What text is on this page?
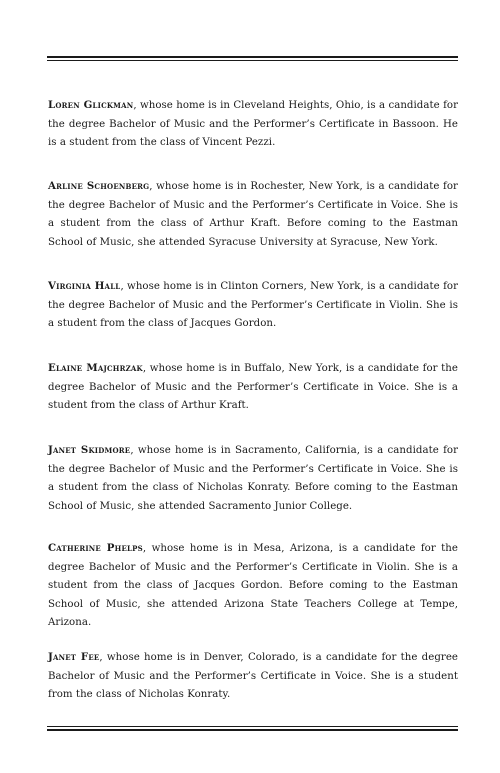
Loren Glickman, whose home is in Cleveland Heights, Ohio, is a candidate for the degree Bachelor of Music and the Performer’s Certificate in Bassoon. He is a student from the class of Vincent Pezzi.

Arline Schoenberg, whose home is in Rochester, New York, is a candidate for the degree Bachelor of Music and the Performer’s Certificate in Voice. She is a student from the class of Arthur Kraft. Before coming to the Eastman School of Music, she attended Syracuse University at Syracuse, New York.

Virginia Hall, whose home is in Clinton Corners, New York, is a candidate for the degree Bachelor of Music and the Performer’s Certificate in Violin. She is a student from the class of Jacques Gordon.

Elaine Majchrzak, whose home is in Buffalo, New York, is a candidate for the degree Bachelor of Music and the Performer’s Certificate in Voice. She is a student from the class of Arthur Kraft.

Janet Skidmore, whose home is in Sacramento, California, is a candidate for the degree Bachelor of Music and the Performer’s Certificate in Voice. She is a student from the class of Nicholas Konraty. Before coming to the Eastman School of Music, she attended Sacramento Junior College.

Catherine Phelps, whose home is in Mesa, Arizona, is a candidate for the degree Bachelor of Music and the Performer’s Certificate in Violin. She is a student from the class of Jacques Gordon. Before coming to the Eastman School of Music, she attended Arizona State Teachers College at Tempe, Arizona.

Janet Fee, whose home is in Denver, Colorado, is a candidate for the degree Bachelor of Music and the Performer’s Certificate in Voice. She is a student from the class of Nicholas Konraty.
